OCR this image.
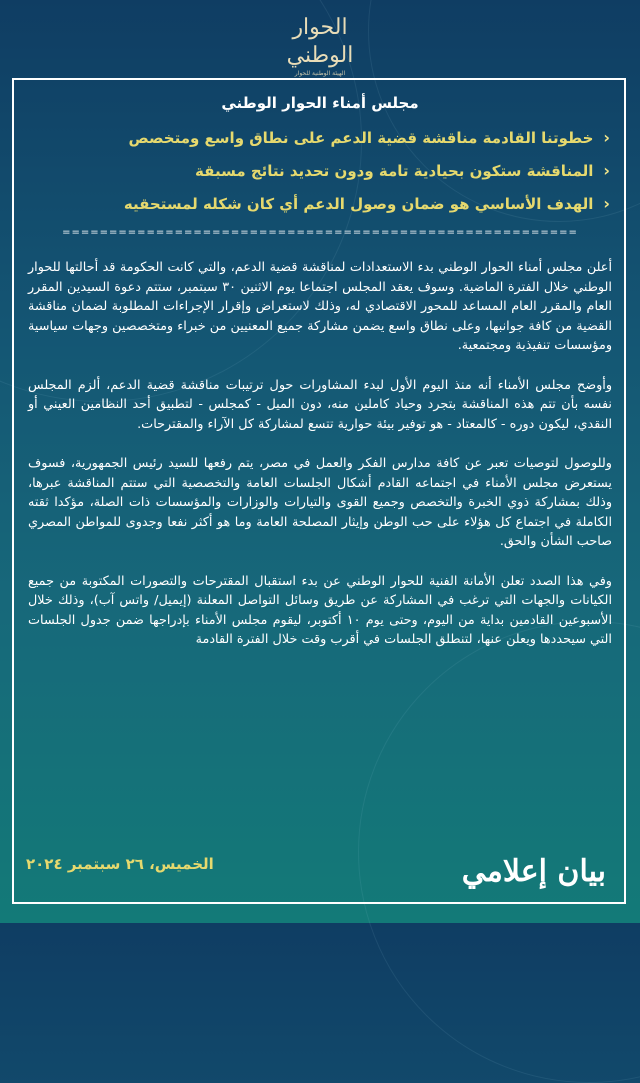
الحوار الوطني
الهيئة الوطنية للحوار
مجلس أمناء الحوار الوطني
‹
خطوتنا القادمة مناقشة قضية الدعم على نطاق واسع ومتخصص
‹
المناقشة ستكون بحيادية تامة ودون تحديد نتائج مسبقة
‹
الهدف الأساسي هو ضمان وصول الدعم أي كان شكله لمستحقيه
=======================================================

أعلن مجلس أمناء الحوار الوطني بدء الاستعدادات لمناقشة قضية الدعم، والتي كانت الحكومة قد أحالتها للحوار الوطني خلال الفترة الماضية. وسوف يعقد المجلس اجتماعا يوم الاثنين ٣٠ سبتمبر، ستتم دعوة السيدين المقرر العام والمقرر العام المساعد للمحور الاقتصادي له، وذلك لاستعراض وإقرار الإجراءات المطلوبة لضمان مناقشة القضية من كافة جوانبها، وعلى نطاق واسع يضمن مشاركة جميع المعنيين من خبراء ومتخصصين وجهات سياسية ومؤسسات تنفيذية ومجتمعية.

وأوضح مجلس الأمناء أنه منذ اليوم الأول لبدء المشاورات حول ترتيبات مناقشة قضية الدعم، ألزم المجلس نفسه بأن تتم هذه المناقشة بتجرد وحياد كاملين منه، دون الميل - كمجلس - لتطبيق أحد النظامين العيني أو النقدي، ليكون دوره - كالمعتاد - هو توفير بيئة حوارية تتسع لمشاركة كل الآراء والمقترحات.

وللوصول لتوصيات تعبر عن كافة مدارس الفكر والعمل في مصر، يتم رفعها للسيد رئيس الجمهورية، فسوف يستعرض مجلس الأمناء في اجتماعه القادم أشكال الجلسات العامة والتخصصية التي ستتم المناقشة عبرها، وذلك بمشاركة ذوي الخبرة والتخصص وجميع القوى والتيارات والوزارات والمؤسسات ذات الصلة، مؤكدا ثقته الكاملة في اجتماع كل هؤلاء على حب الوطن وإيثار المصلحة العامة وما هو أكثر نفعا وجدوى للمواطن المصري صاحب الشأن والحق.

وفي هذا الصدد تعلن الأمانة الفنية للحوار الوطني عن بدء استقبال المقترحات والتصورات المكتوبة من جميع الكيانات والجهات التي ترغب في المشاركة عن طريق وسائل التواصل المعلنة (إيميل/ واتس آب)، وذلك خلال الأسبوعين القادمين بداية من اليوم، وحتى يوم ١٠ أكتوبر، ليقوم مجلس الأمناء بإدراجها ضمن جدول الجلسات التي سيحددها ويعلن عنها، لتنطلق الجلسات في أقرب وقت خلال الفترة القادمة

الخميس، ٢٦ سبتمبر ٢٠٢٤	بيان إعلامي
